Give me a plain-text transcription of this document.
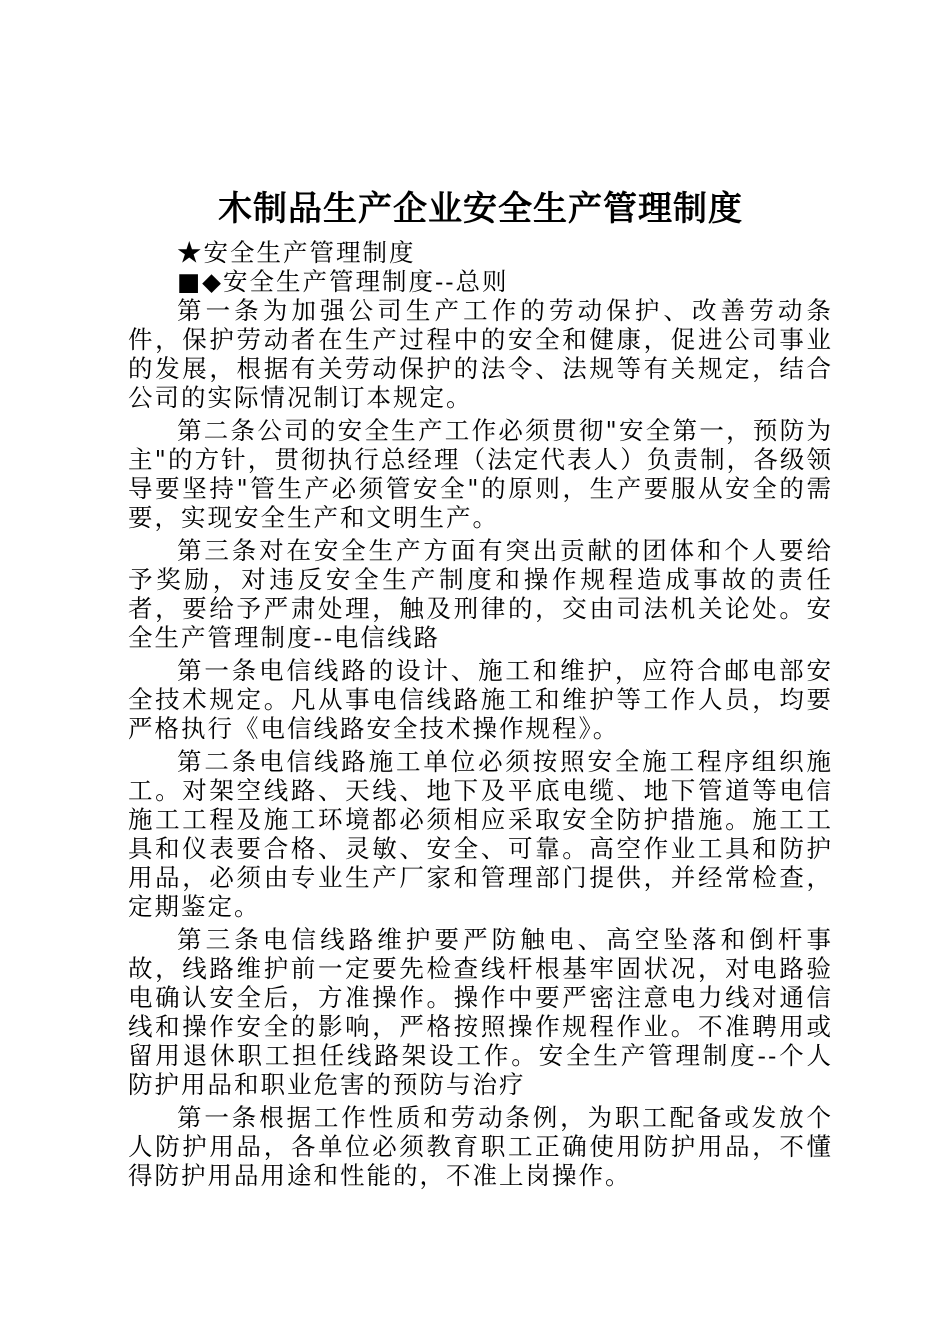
木制品生产企业安全生产管理制度

★安全生产管理制度

■◆安全生产管理制度--总则

第一条为加强公司生产工作的劳动保护、改善劳动条件，保护劳动者在生产过程中的安全和健康，促进公司事业的发展，根据有关劳动保护的法令、法规等有关规定，结合公司的实际情况制订本规定。

第二条公司的安全生产工作必须贯彻"安全第一，预防为主"的方针，贯彻执行总经理（法定代表人）负责制，各级领导要坚持"管生产必须管安全"的原则，生产要服从安全的需要，实现安全生产和文明生产。

第三条对在安全生产方面有突出贡献的团体和个人要给予奖励，对违反安全生产制度和操作规程造成事故的责任者，要给予严肃处理，触及刑律的，交由司法机关论处。安全生产管理制度--电信线路

第一条电信线路的设计、施工和维护，应符合邮电部安全技术规定。凡从事电信线路施工和维护等工作人员，均要严格执行《电信线路安全技术操作规程》。

第二条电信线路施工单位必须按照安全施工程序组织施工。对架空线路、天线、地下及平底电缆、地下管道等电信施工工程及施工环境都必须相应采取安全防护措施。施工工具和仪表要合格、灵敏、安全、可靠。高空作业工具和防护用品，必须由专业生产厂家和管理部门提供，并经常检查，定期鉴定。

第三条电信线路维护要严防触电、高空坠落和倒杆事故，线路维护前一定要先检查线杆根基牢固状况，对电路验电确认安全后，方准操作。操作中要严密注意电力线对通信线和操作安全的影响，严格按照操作规程作业。不准聘用或留用退休职工担任线路架设工作。安全生产管理制度--个人防护用品和职业危害的预防与治疗

第一条根据工作性质和劳动条例，为职工配备或发放个人防护用品，各单位必须教育职工正确使用防护用品，不懂得防护用品用途和性能的，不准上岗操作。
